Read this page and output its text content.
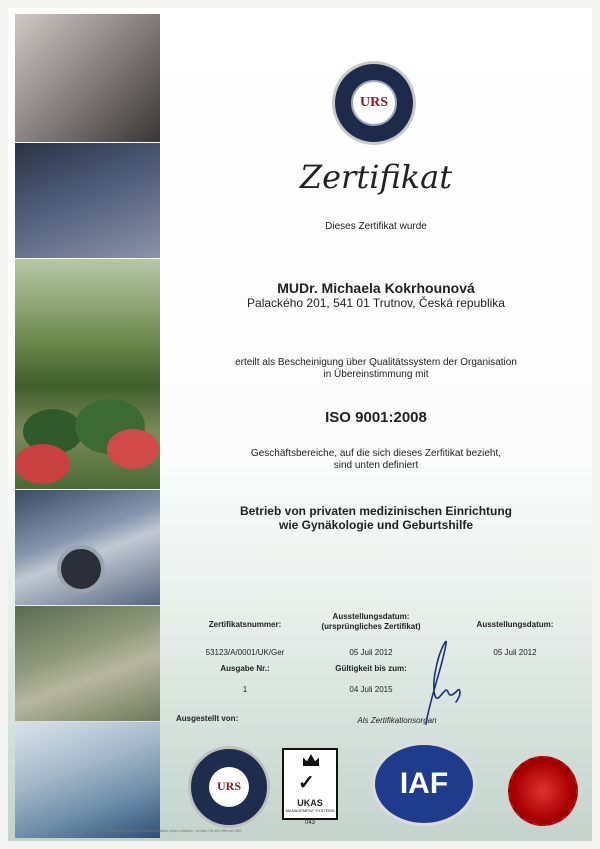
URS
Zertifikat
Dieses Zertifikat wurde
MUDr. Michaela Kokrhounová
Palackého 201, 541 01 Trutnov, Česká republika
erteilt als Bescheinigung über Qualitätssystem der Organisation
in Übereinstimmung mit
ISO 9001:2008
Geschäftsbereiche, auf die sich dieses Zerfitikat bezieht,
sind unten definiert
Betrieb von privaten medizinischen Einrichtung
wie Gynäkologie und Geburtshilfe
Zertifikatsnummer:
53123/A/0001/UK/Ger
Ausgabe Nr.:
1
Ausstellungsdatum:
(ursprüngliches Zertifikat)
05 Juli 2012
Gültigkeit bis zum:
04 Juli 2015
Ausstellungsdatum:
05 Juli 2012
Ausgestellt von:	Als Zertifikationsorgan
URS	✓
UKAS
MANAGEMENT SYSTEMS
043
IAF
Falls Sie die Echtheit dieses Zertifikats prüfen möchten, wenden Sie sich bitte an URS.
